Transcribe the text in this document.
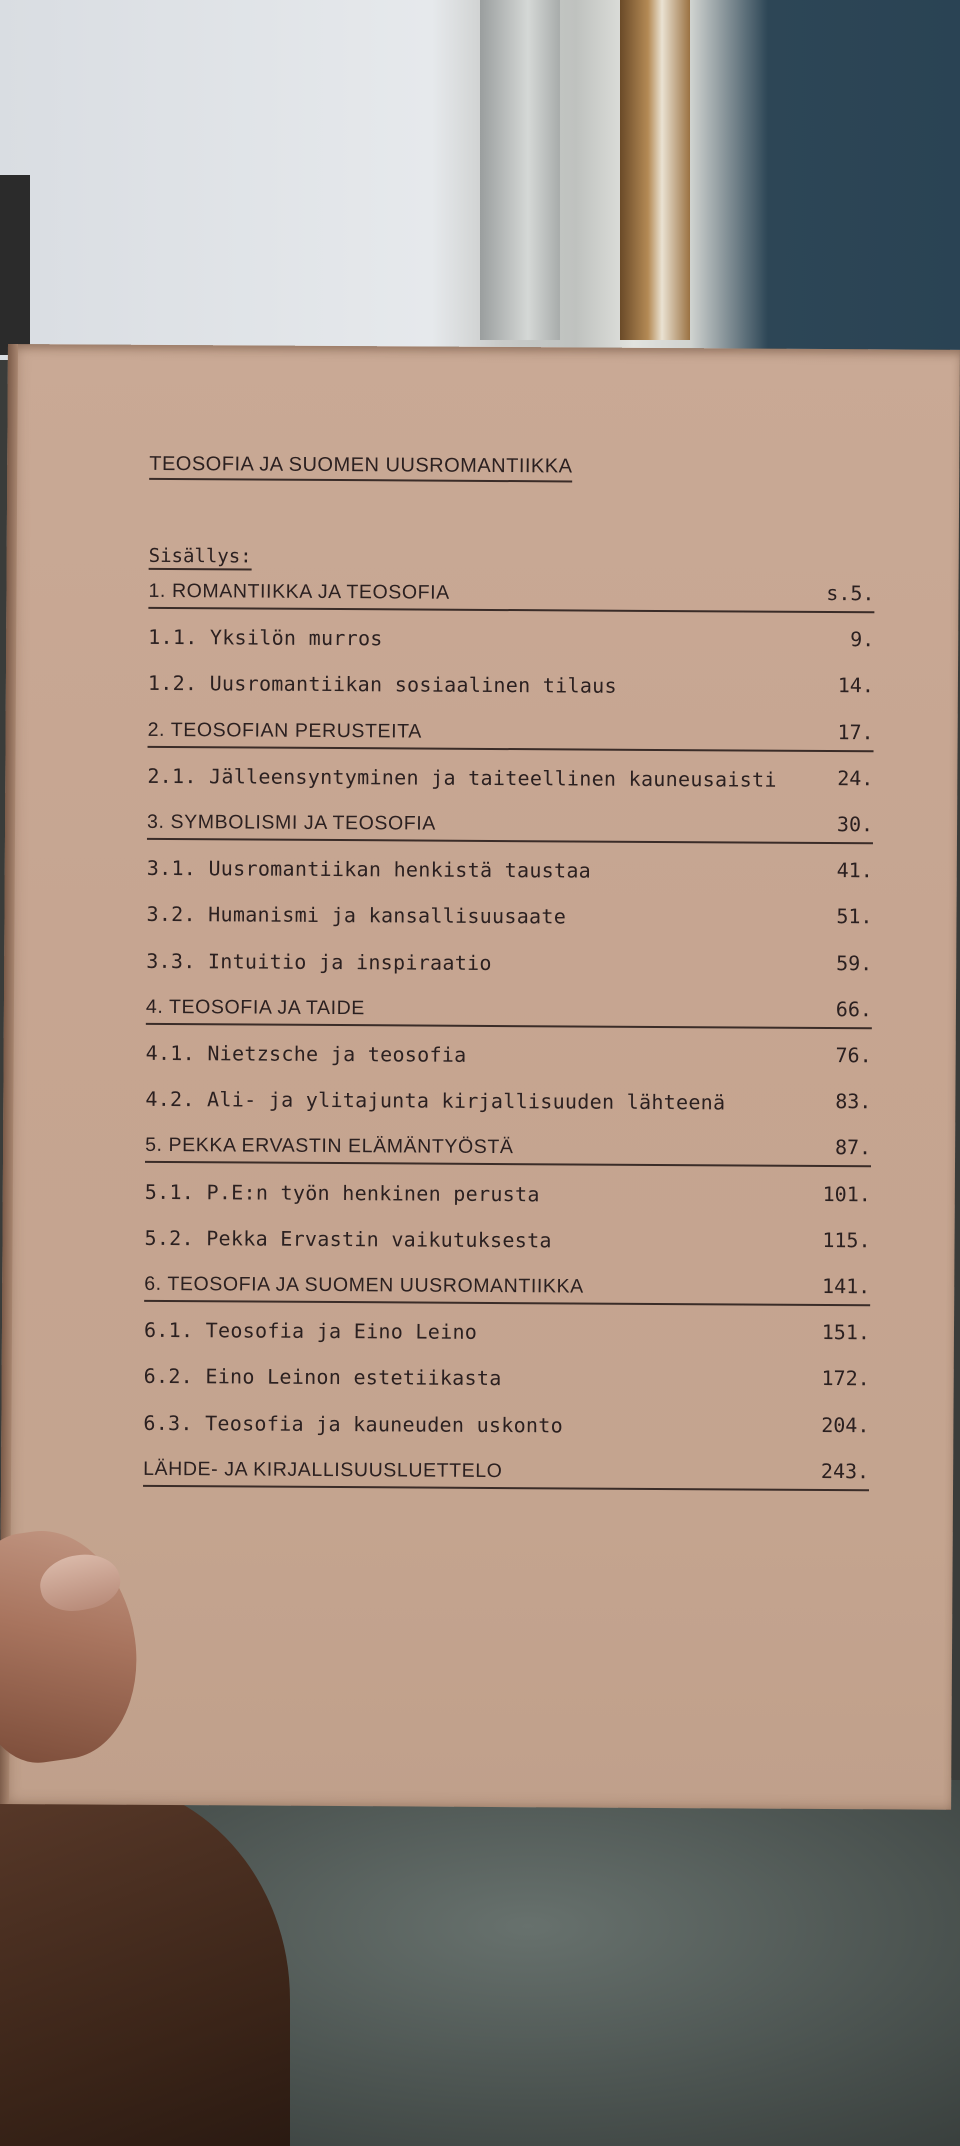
TEOSOFIA JA SUOMEN UUSROMANTIIKKA
Sisällys:
1. ROMANTIIKKA JA TEOSOFIA	s.5.
1.1. Yksilön murros	9.
1.2. Uusromantiikan sosiaalinen tilaus	14.
2. TEOSOFIAN PERUSTEITA	17.
2.1. Jälleensyntyminen ja taiteellinen kauneusaisti	24.
3. SYMBOLISMI JA TEOSOFIA	30.
3.1. Uusromantiikan henkistä taustaa	41.
3.2. Humanismi ja kansallisuusaate	51.
3.3. Intuitio ja inspiraatio	59.
4. TEOSOFIA JA TAIDE	66.
4.1. Nietzsche ja teosofia	76.
4.2. Ali- ja ylitajunta kirjallisuuden lähteenä	83.
5. PEKKA ERVASTIN ELÄMÄNTYÖSTÄ	87.
5.1. P.E:n työn henkinen perusta	101.
5.2. Pekka Ervastin vaikutuksesta	115.
6. TEOSOFIA JA SUOMEN UUSROMANTIIKKA	141.
6.1. Teosofia ja Eino Leino	151.
6.2. Eino Leinon estetiikasta	172.
6.3. Teosofia ja kauneuden uskonto	204.
LÄHDE- JA KIRJALLISUUSLUETTELO	243.
